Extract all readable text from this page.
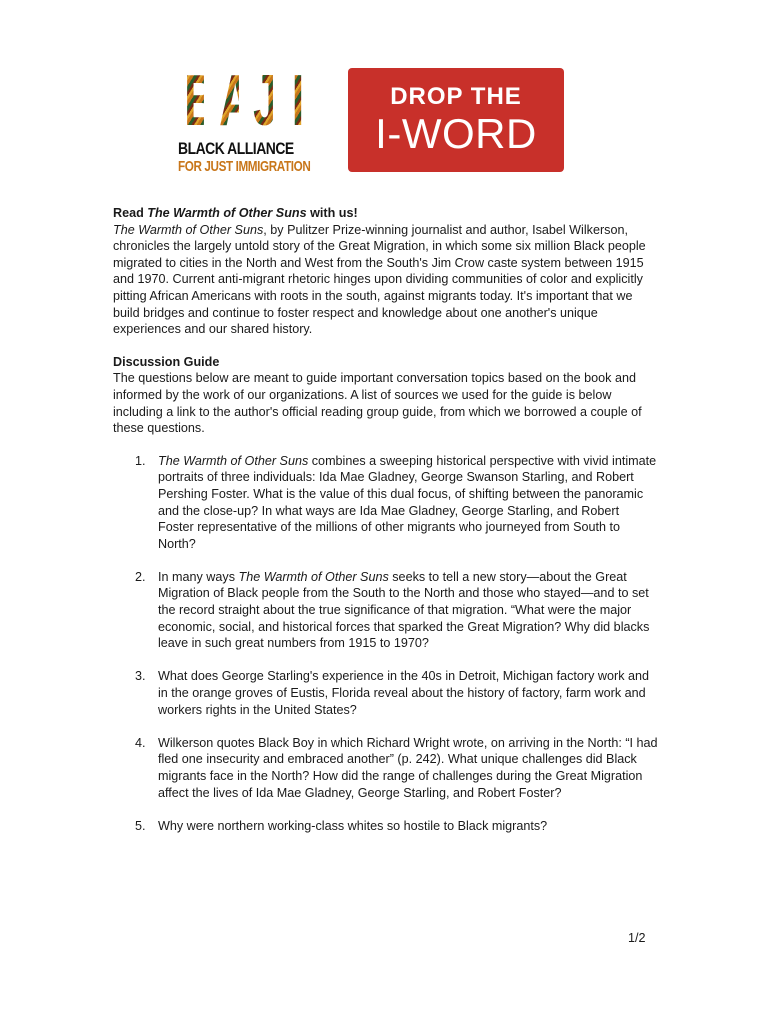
B A J I
BLACK ALLIANCE
FOR JUST IMMIGRATION
DROP THE
I-WORD

Read The Warmth of Other Suns with us!

The Warmth of Other Suns, by Pulitzer Prize-winning journalist and author, Isabel Wilkerson, chronicles the largely untold story of the Great Migration, in which some six million Black people migrated to cities in the North and West from the South's Jim Crow caste system between 1915 and 1970. Current anti-migrant rhetoric hinges upon dividing communities of color and explicitly pitting African Americans with roots in the south, against migrants today. It's important that we build bridges and continue to foster respect and knowledge about one another's unique experiences and our shared history.

Discussion Guide

The questions below are meant to guide important conversation topics based on the book and informed by the work of our organizations. A list of sources we used for the guide is below including a link to the author's official reading group guide, from which we borrowed a couple of these questions.

1. The Warmth of Other Suns combines a sweeping historical perspective with vivid intimate portraits of three individuals: Ida Mae Gladney, George Swanson Starling, and Robert Pershing Foster. What is the value of this dual focus, of shifting between the panoramic and the close-up? In what ways are Ida Mae Gladney, George Starling, and Robert Foster representative of the millions of other migrants who journeyed from South to North?
2. In many ways The Warmth of Other Suns seeks to tell a new story—about the Great Migration of Black people from the South to the North and those who stayed—and to set the record straight about the true significance of that migration. “What were the major economic, social, and historical forces that sparked the Great Migration? Why did blacks leave in such great numbers from 1915 to 1970?
3. What does George Starling's experience in the 40s in Detroit, Michigan factory work and in the orange groves of Eustis, Florida reveal about the history of factory, farm work and workers rights in the United States?
4. Wilkerson quotes Black Boy in which Richard Wright wrote, on arriving in the North: “I had fled one insecurity and embraced another” (p. 242). What unique challenges did Black migrants face in the North? How did the range of challenges during the Great Migration affect the lives of Ida Mae Gladney, George Starling, and Robert Foster?
5. Why were northern working-class whites so hostile to Black migrants?
1/2
